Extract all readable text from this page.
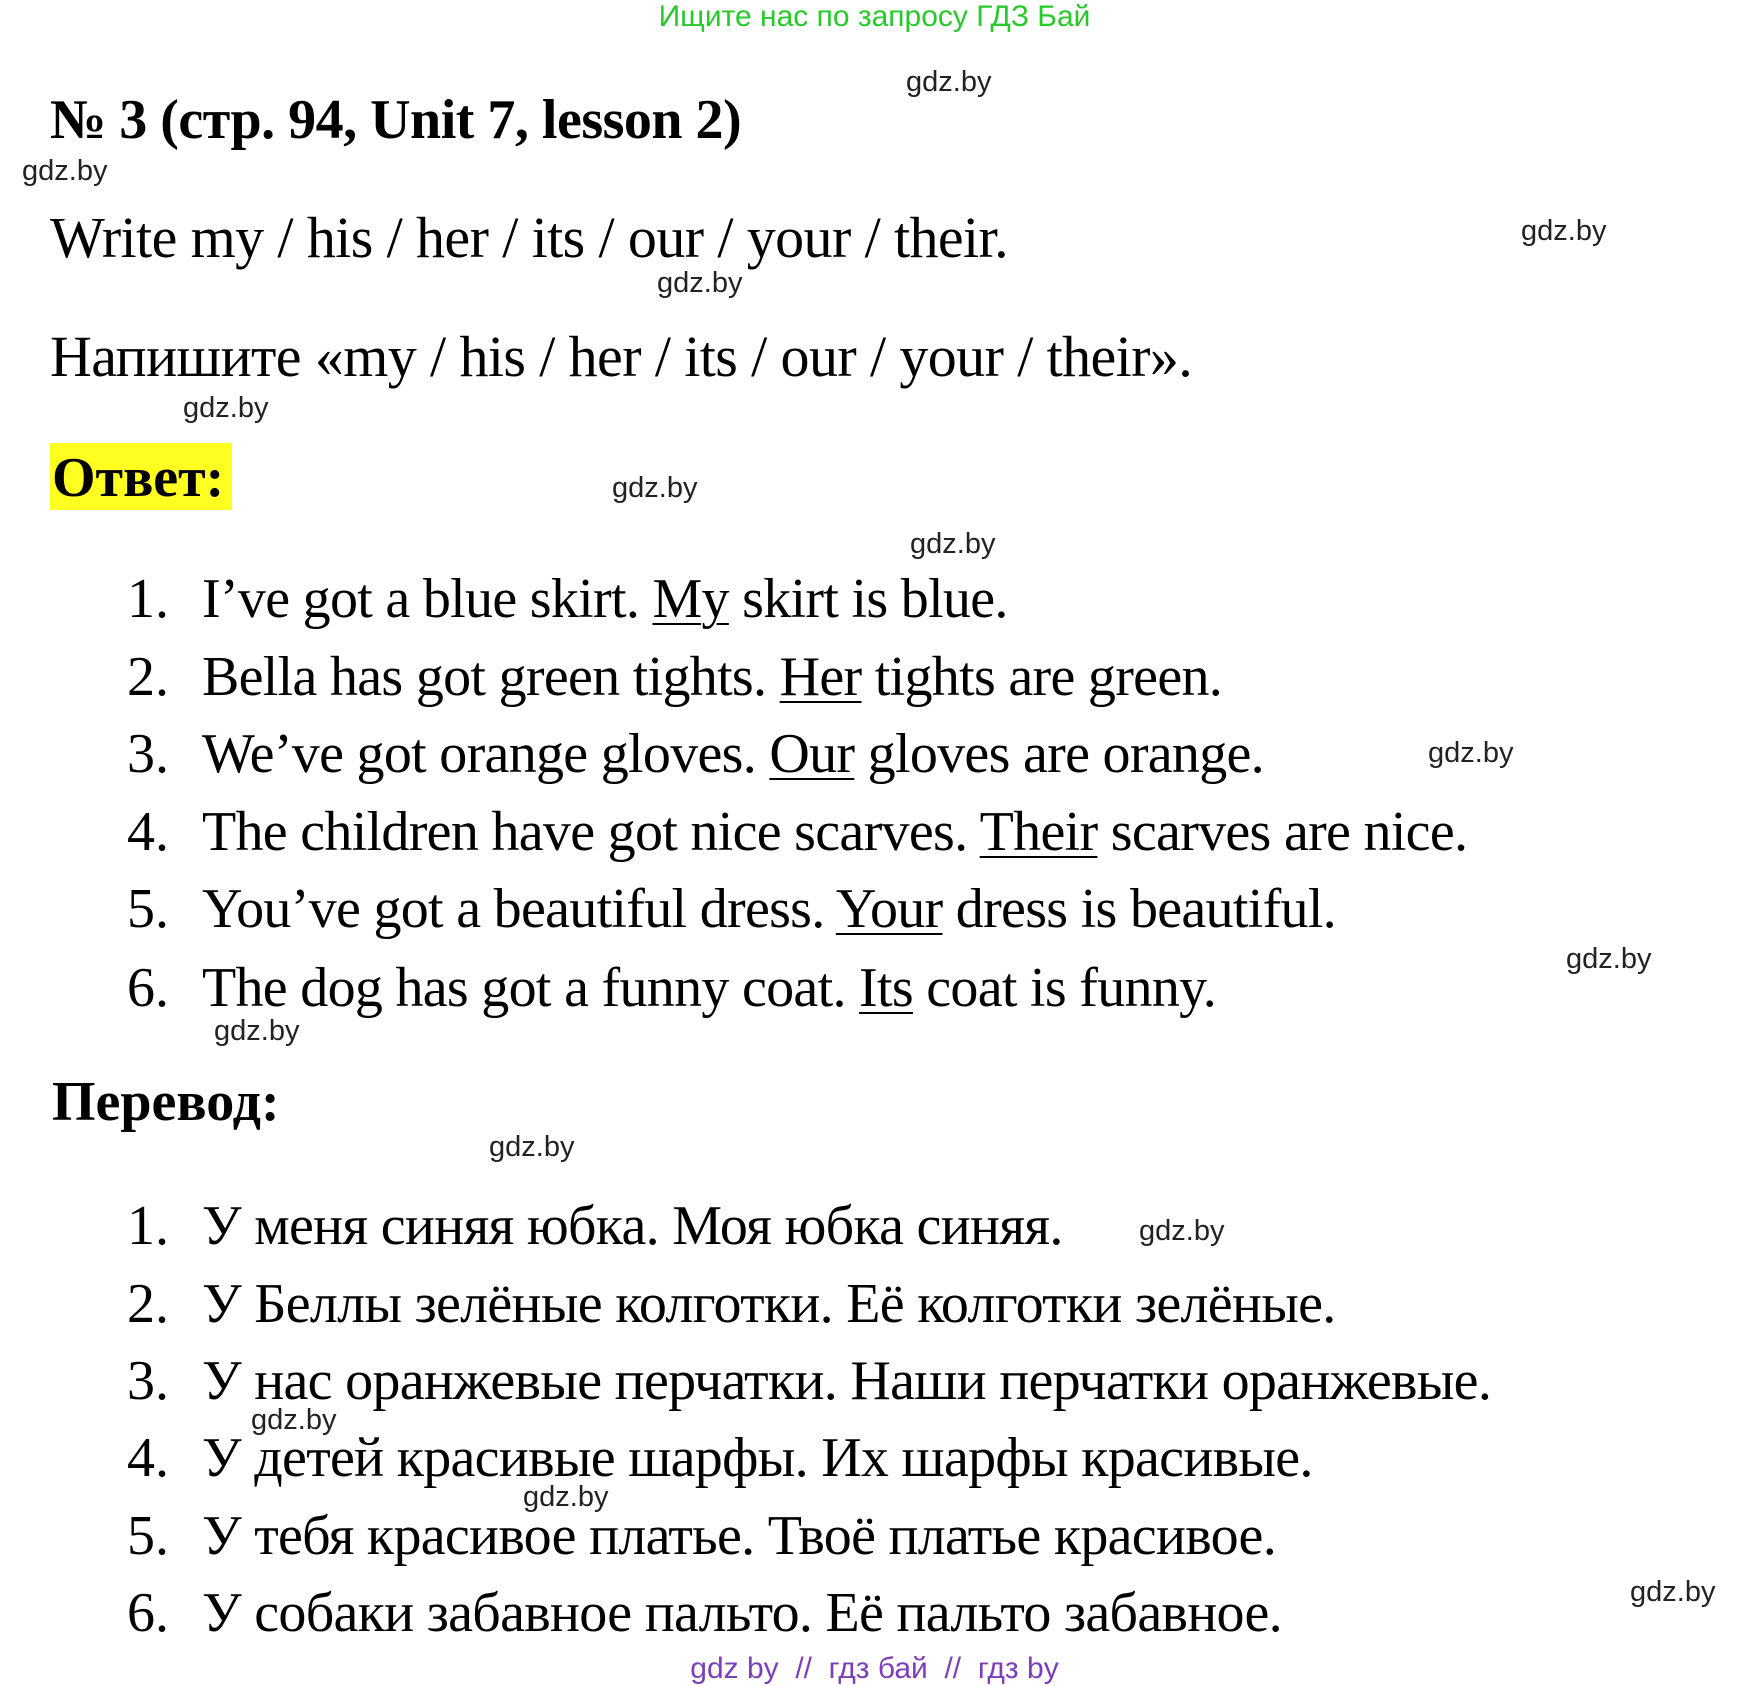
Ищите нас по запросу ГДЗ Бай
№ 3 (стр. 94, Unit 7, lesson 2)
Write my / his / her / its / our / your / their.
Напишите «my / his / her / its / our / your / their».
Ответ:
1. I’ve got a blue skirt. My skirt is blue.
2. Bella has got green tights. Her tights are green.
3. We’ve got orange gloves. Our gloves are orange.
4. The children have got nice scarves. Their scarves are nice.
5. You’ve got a beautiful dress. Your dress is beautiful.
6. The dog has got a funny coat. Its coat is funny.
Перевод:
1. У меня синяя юбка. Моя юбка синяя.
2. У Беллы зелёные колготки. Её колготки зелёные.
3. У нас оранжевые перчатки. Наши перчатки оранжевые.
4. У детей красивые шарфы. Их шарфы красивые.
5. У тебя красивое платье. Твоё платье красивое.
6. У собаки забавное пальто. Её пальто забавное.
gdz.by
gdz.by
gdz.by
gdz.by
gdz.by
gdz.by
gdz.by
gdz.by
gdz.by
gdz.by
gdz.by
gdz.by
gdz.by
gdz.by
gdz.by
gdz by  //  гдз бай  //  гдз by
